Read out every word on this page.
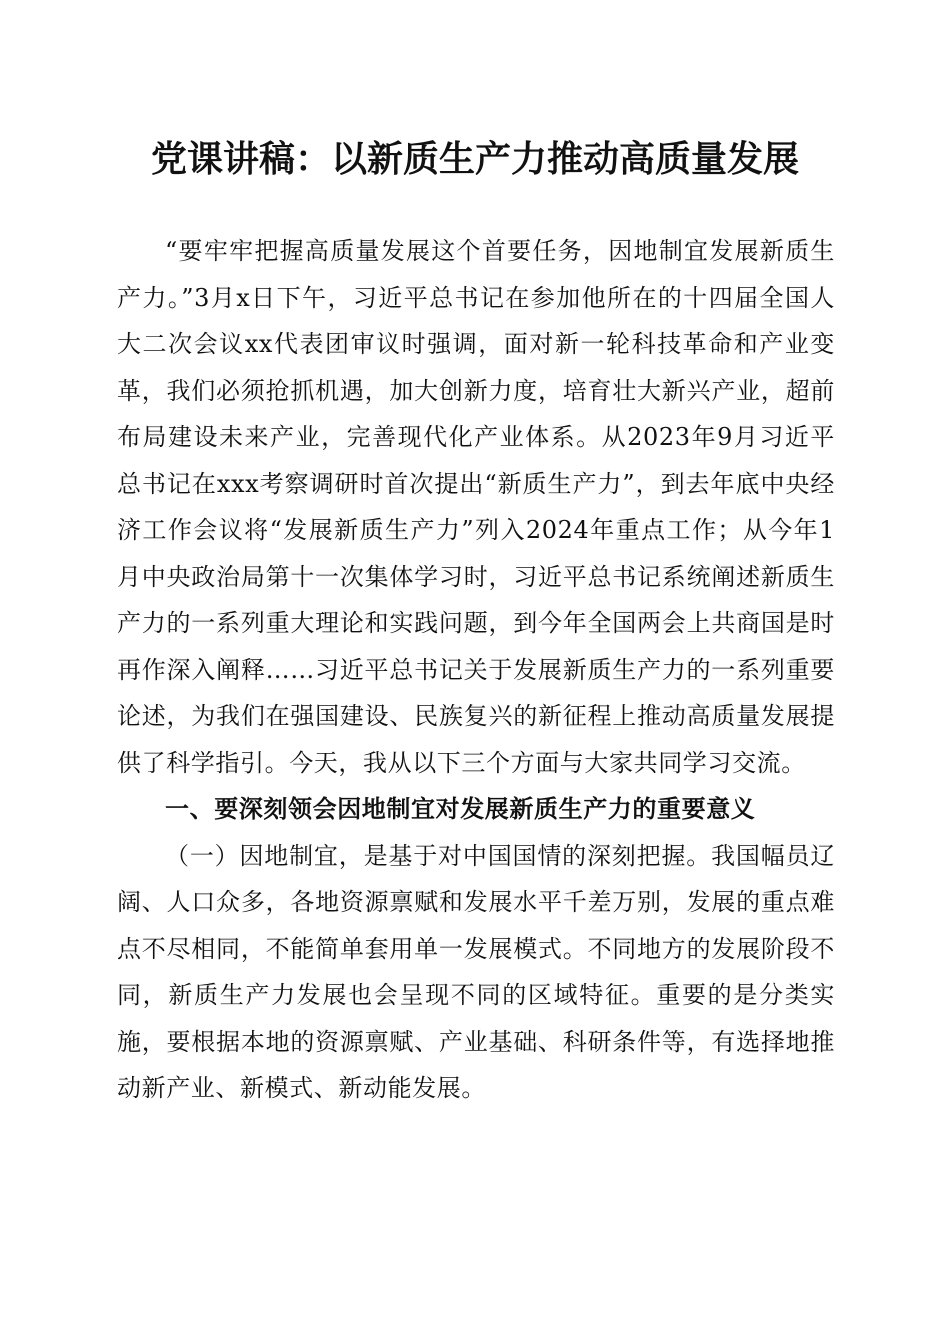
党课讲稿：以新质生产力推动高质量发展

“要牢牢把握高质量发展这个首要任务，因地制宜发展新质生产力。”3月x日下午，习近平总书记在参加他所在的十四届全国人大二次会议xx代表团审议时强调，面对新一轮科技革命和产业变革，我们必须抢抓机遇，加大创新力度，培育壮大新兴产业，超前布局建设未来产业，完善现代化产业体系。从2023年9月习近平总书记在xxx考察调研时首次提出“新质生产力”，到去年底中央经济工作会议将“发展新质生产力”列入2024年重点工作；从今年1月中央政治局第十一次集体学习时，习近平总书记系统阐述新质生产力的一系列重大理论和实践问题，到今年全国两会上共商国是时再作深入阐释……习近平总书记关于发展新质生产力的一系列重要论述，为我们在强国建设、民族复兴的新征程上推动高质量发展提供了科学指引。今天，我从以下三个方面与大家共同学习交流。

一、要深刻领会因地制宜对发展新质生产力的重要意义

（一）因地制宜，是基于对中国国情的深刻把握。我国幅员辽阔、人口众多，各地资源禀赋和发展水平千差万别，发展的重点难点不尽相同，不能简单套用单一发展模式。不同地方的发展阶段不同，新质生产力发展也会呈现不同的区域特征。重要的是分类实施，要根据本地的资源禀赋、产业基础、科研条件等，有选择地推动新产业、新模式、新动能发展。
